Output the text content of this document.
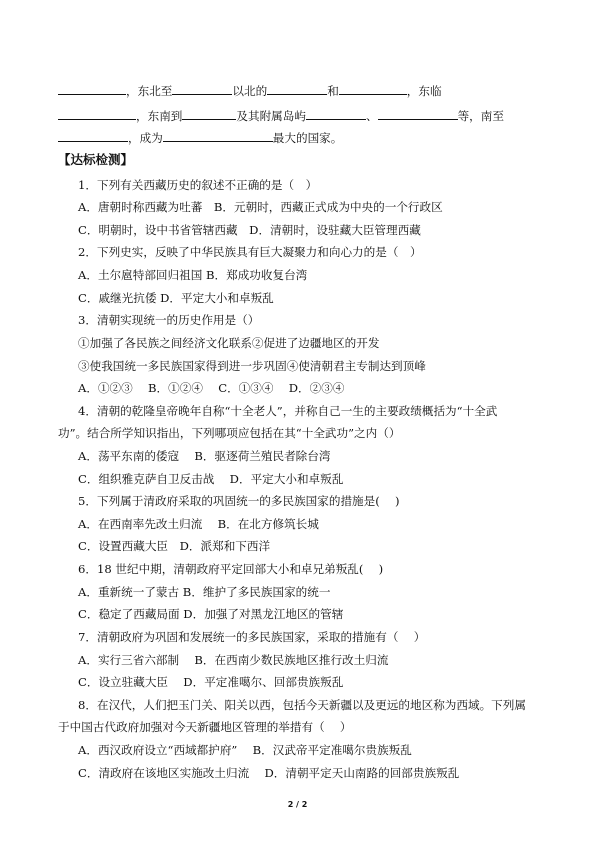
，东北至	以北的	和	，东临
，东南到	及其附属岛屿	、	等，南至
，成为	最大的国家。
【达标检测】
1．下列有关西藏历史的叙述不正确的是（　）
A．唐朝时称西藏为吐蕃　B．元朝时，西藏正式成为中央的一个行政区
C．明朝时，设中书省管辖西藏　D．清朝时，设驻藏大臣管理西藏
2．下列史实，反映了中华民族具有巨大凝聚力和向心力的是（　）
A．土尔扈特部回归祖国 B．郑成功收复台湾
C．戚继光抗倭 D．平定大小和卓叛乱
3．清朝实现统一的历史作用是（）
①加强了各民族之间经济文化联系②促进了边疆地区的开发
③使我国统一多民族国家得到进一步巩固④使清朝君主专制达到顶峰
A．①②③　 B．①②④　 C．①③④　 D．②③④
4．清朝的乾隆皇帝晚年自称“十全老人”，并称自己一生的主要政绩概括为“十全武
功”。结合所学知识指出，下列哪项应包括在其“十全武功”之内（）
A．荡平东南的倭寇　 B．驱逐荷兰殖民者除台湾
C．组织雅克萨自卫反击战　 D．平定大小和卓叛乱
5．下列属于清政府采取的巩固统一的多民族国家的措施是(　 )
A．在西南率先改土归流　 B．在北方修筑长城
C．设置西藏大臣　D．派郑和下西洋
6．18 世纪中期，清朝政府平定回部大小和卓兄弟叛乱(　 )
A．重新统一了蒙古 B．维护了多民族国家的统一
C．稳定了西藏局面 D．加强了对黑龙江地区的管辖
7．清朝政府为巩固和发展统一的多民族国家，采取的措施有（　 ）
A．实行三省六部制　 B．在西南少数民族地区推行改土归流
C．设立驻藏大臣　 D．平定准噶尔、回部贵族叛乱
8．在汉代，人们把玉门关、阳关以西，包括今天新疆以及更远的地区称为西域。下列属
于中国古代政府加强对今天新疆地区管理的举措有（　 ）
A．西汉政府设立“西域都护府”　 B．汉武帝平定准噶尔贵族叛乱
C．清政府在该地区实施改土归流　 D．清朝平定天山南路的回部贵族叛乱
2 / 2
